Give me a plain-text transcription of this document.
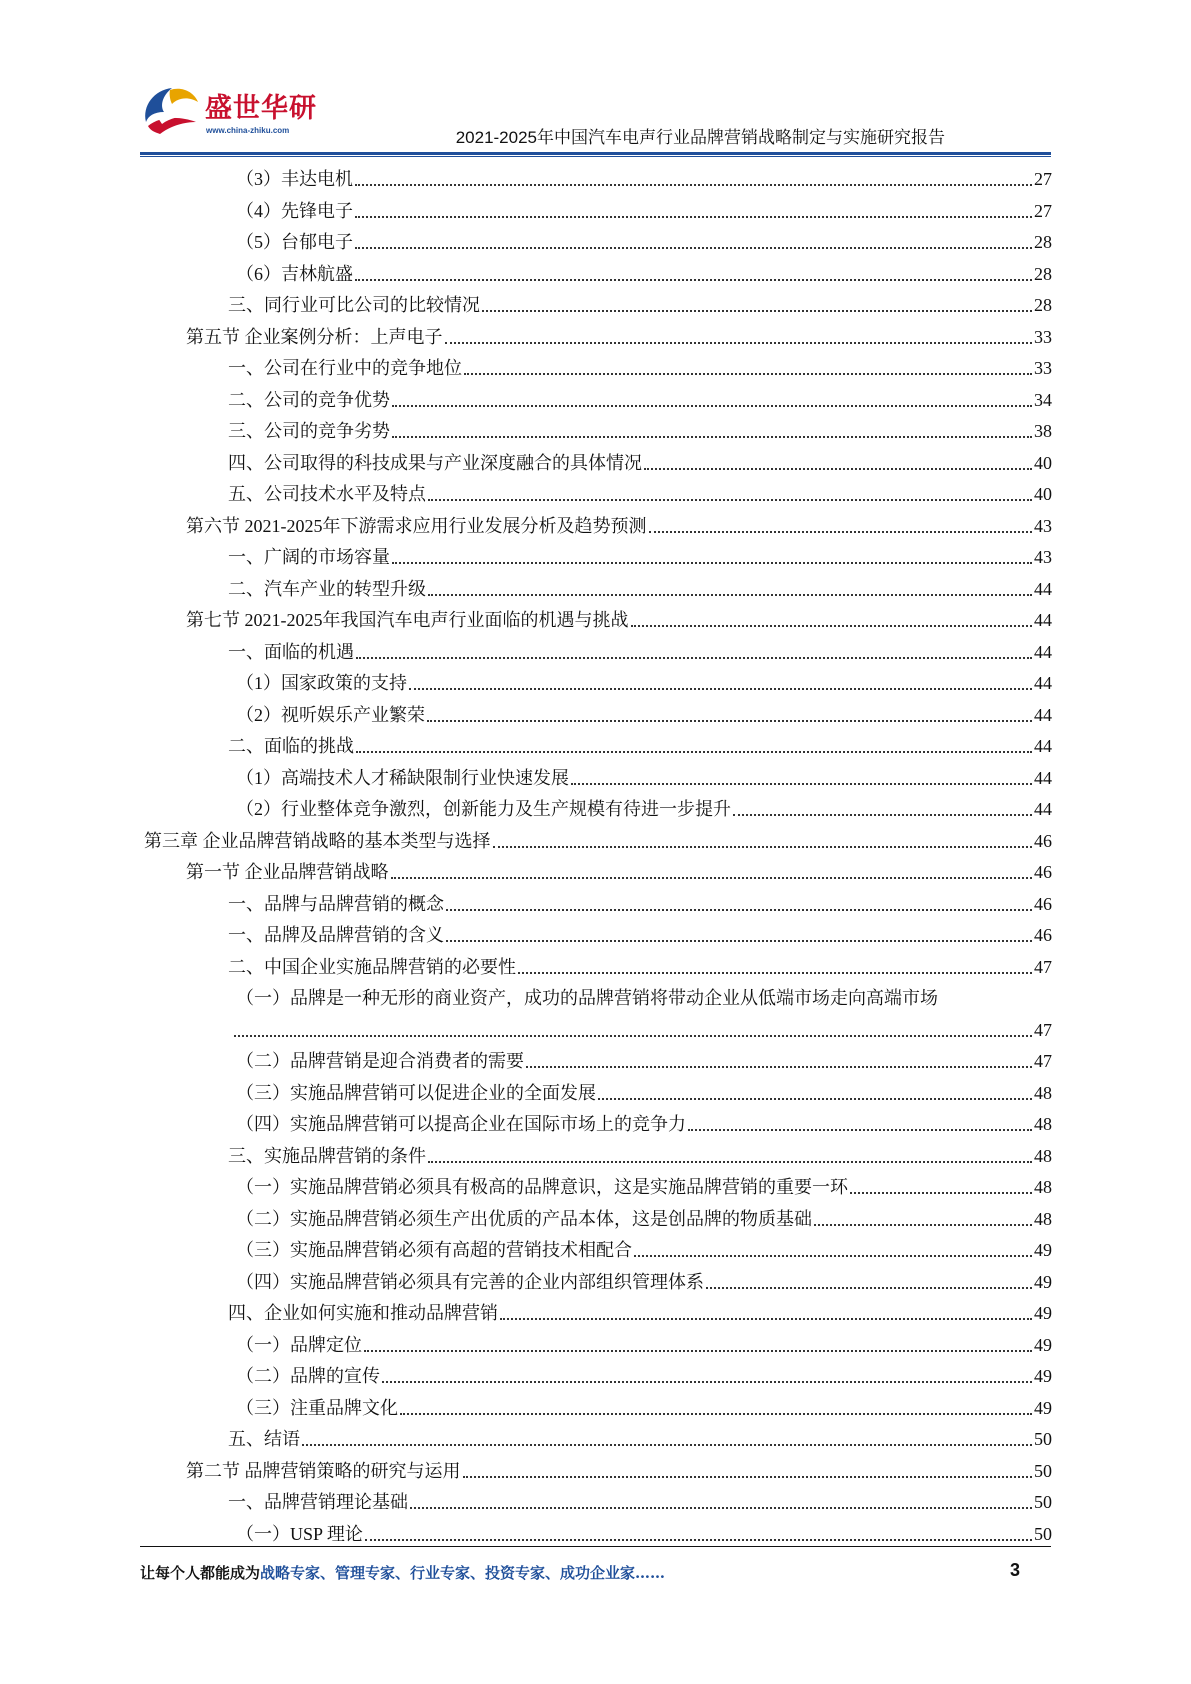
盛世华研
www.china-zhiku.com	2021-2025年中国汽车电声行业品牌营销战略制定与实施研究报告
（3）丰达电机	27
（4）先锋电子	27
（5）台郁电子	28
（6）吉林航盛	28
三、同行业可比公司的比较情况	28
第五节 企业案例分析：上声电子	33
一、公司在行业中的竞争地位	33
二、公司的竞争优势	34
三、公司的竞争劣势	38
四、公司取得的科技成果与产业深度融合的具体情况	40
五、公司技术水平及特点	40
第六节 2021-2025年下游需求应用行业发展分析及趋势预测	43
一、广阔的市场容量	43
二、汽车产业的转型升级	44
第七节 2021-2025年我国汽车电声行业面临的机遇与挑战	44
一、面临的机遇	44
（1）国家政策的支持	44
（2）视听娱乐产业繁荣	44
二、面临的挑战	44
（1）高端技术人才稀缺限制行业快速发展	44
（2）行业整体竞争激烈，创新能力及生产规模有待进一步提升	44
第三章 企业品牌营销战略的基本类型与选择	46
第一节 企业品牌营销战略	46
一、品牌与品牌营销的概念	46
一、品牌及品牌营销的含义	46
二、中国企业实施品牌营销的必要性	47
（一）品牌是一种无形的商业资产，成功的品牌营销将带动企业从低端市场走向高端市场
47
（二）品牌营销是迎合消费者的需要	47
（三）实施品牌营销可以促进企业的全面发展	48
（四）实施品牌营销可以提高企业在国际市场上的竞争力	48
三、实施品牌营销的条件	48
（一）实施品牌营销必须具有极高的品牌意识，这是实施品牌营销的重要一环	48
（二）实施品牌营销必须生产出优质的产品本体，这是创品牌的物质基础	48
（三）实施品牌营销必须有高超的营销技术相配合	49
（四）实施品牌营销必须具有完善的企业内部组织管理体系	49
四、企业如何实施和推动品牌营销	49
（一）品牌定位	49
（二）品牌的宣传	49
（三）注重品牌文化	49
五、结语	50
第二节 品牌营销策略的研究与运用	50
一、品牌营销理论基础	50
（一）USP 理论	50
让每个人都能成为战略专家、管理专家、行业专家、投资专家、成功企业家……	3
